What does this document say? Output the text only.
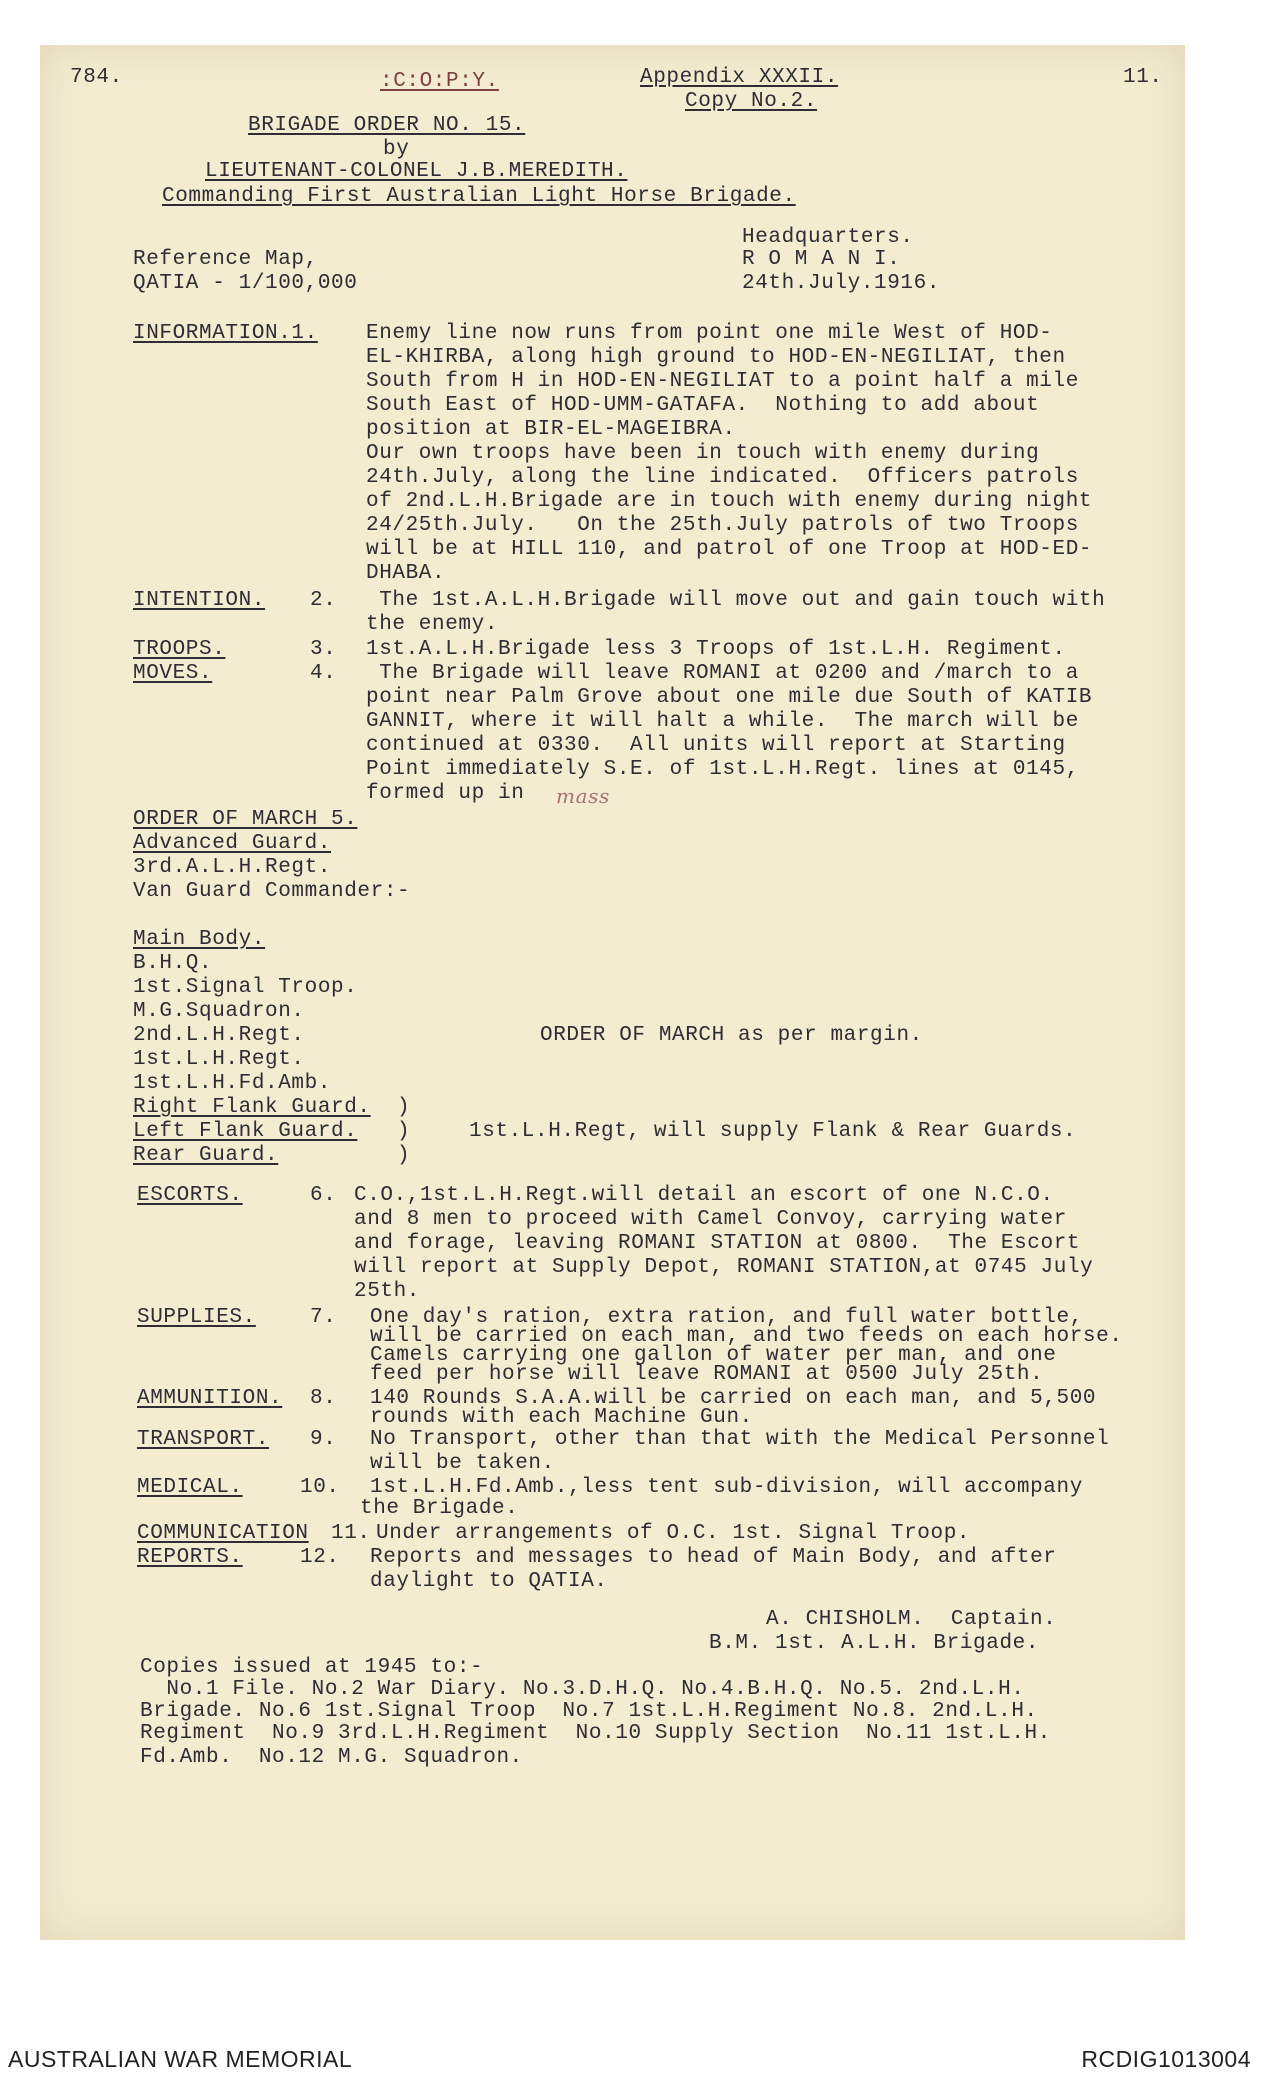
784.	:C:O:P:Y.	Appendix XXXII.
Copy No.2.
11.
BRIGADE ORDER NO. 15.
by
LIEUTENANT-COLONEL J.B.MEREDITH.
Commanding First Australian Light Horse Brigade.
Headquarters.
Reference Map,	R O M A N I.
QATIA - 1/100,000	24th.July.1916.
INFORMATION.1. Enemy line now runs from point one mile West of HOD-
EL-KHIRBA, along high ground to HOD-EN-NEGILIAT, then
South from H in HOD-EN-NEGILIAT to a point half a mile
South East of HOD-UMM-GATAFA.  Nothing to add about
position at BIR-EL-MAGEIBRA.
Our own troops have been in touch with enemy during
24th.July, along the line indicated.  Officers patrols
of 2nd.L.H.Brigade are in touch with enemy during night
24/25th.July.   On the 25th.July patrols of two Troops
will be at HILL 110, and patrol of one Troop at HOD-ED-
DHABA.
INTENTION. 2. The 1st.A.L.H.Brigade will move out and gain touch with
the enemy.
TROOPS.	3. 1st.A.L.H.Brigade less 3 Troops of 1st.L.H. Regiment.
MOVES.	4. The Brigade will leave ROMANI at 0200 and /march to a
point near Palm Grove about one mile due South of KATIB
GANNIT, where it will halt a while.  The march will be
continued at 0330.  All units will report at Starting
Point immediately S.E. of 1st.L.H.Regt. lines at 0145,
formed up in mass
ORDER OF MARCH 5.
Advanced Guard.
3rd.A.L.H.Regt.
Van Guard Commander:-
Main Body.
B.H.Q.
1st.Signal Troop.
M.G.Squadron.
2nd.L.H.Regt.	ORDER OF MARCH as per margin.
1st.L.H.Regt.
1st.L.H.Fd.Amb.
Right Flank Guard. )
Left Flank Guard. )	1st.L.H.Regt, will supply Flank & Rear Guards.
Rear Guard.	)
ESCORTS.	6. C.O.,1st.L.H.Regt.will detail an escort of one N.C.O.
and 8 men to proceed with Camel Convoy, carrying water
and forage, leaving ROMANI STATION at 0800.  The Escort
will report at Supply Depot, ROMANI STATION,at 0745 July
25th.
SUPPLIES.	7. One day's ration, extra ration, and full water bottle,
will be carried on each man, and two feeds on each horse.
Camels carrying one gallon of water per man, and one
feed per horse will leave ROMANI at 0500 July 25th.
AMMUNITION. 8. 140 Rounds S.A.A.will be carried on each man, and 5,500
rounds with each Machine Gun.
TRANSPORT. 9. No Transport, other than that with the Medical Personnel
will be taken.
MEDICAL.	10. 1st.L.H.Fd.Amb.,less tent sub-division, will accompany
the Brigade.
COMMUNICATION 11. Under arrangements of O.C. 1st. Signal Troop.
REPORTS.	12. Reports and messages to head of Main Body, and after
daylight to QATIA.
A. CHISHOLM.  Captain.
B.M. 1st. A.L.H. Brigade.
Copies issued at 1945 to:-
No.1 File. No.2 War Diary. No.3.D.H.Q. No.4.B.H.Q. No.5. 2nd.L.H.
Brigade. No.6 1st.Signal Troop  No.7 1st.L.H.Regiment No.8. 2nd.L.H.
Regiment  No.9 3rd.L.H.Regiment  No.10 Supply Section  No.11 1st.L.H.
Fd.Amb.  No.12 M.G. Squadron.
AUSTRALIAN WAR MEMORIAL	RCDIG1013004
